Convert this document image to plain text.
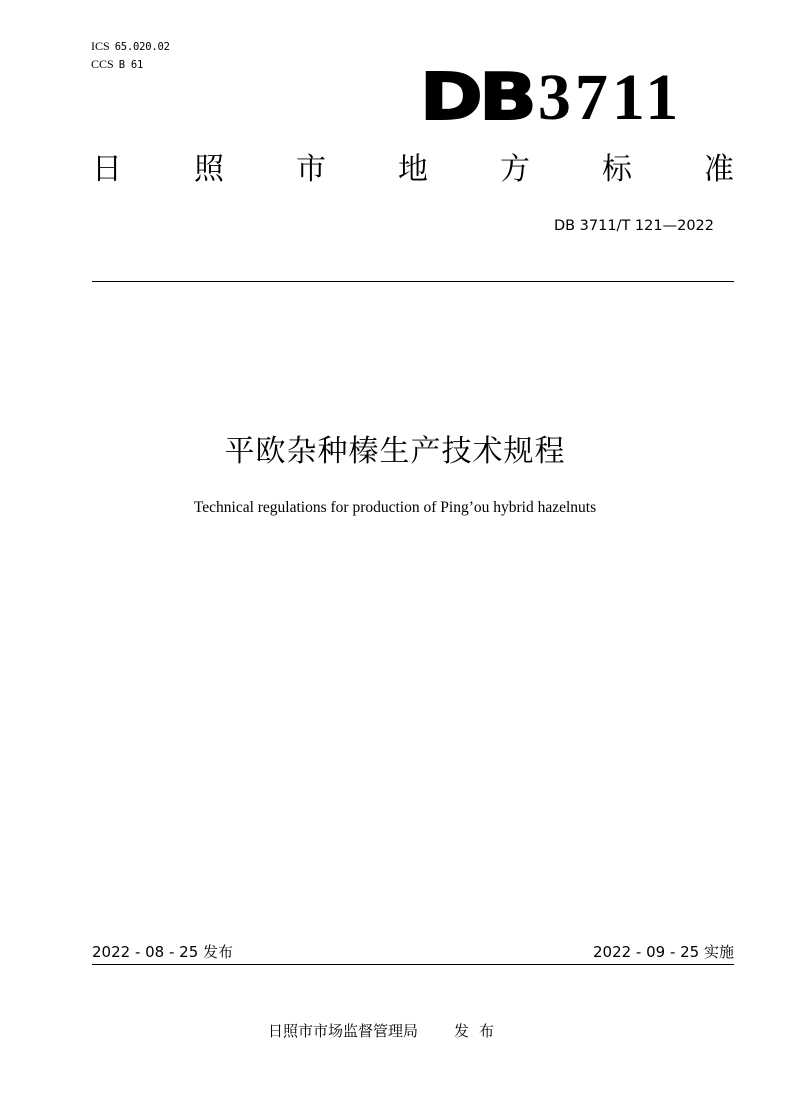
ICS 65.020.02
CCS B 61	DB3711
日 照 市 地 方 标 准
DB 3711/T 121—2022
平欧杂种榛生产技术规程
Technical regulations for production of Ping’ou hybrid hazelnuts
2022 - 08 - 25 发布	2022 - 09 - 25 实施
日照市市场监督管理局 发布
